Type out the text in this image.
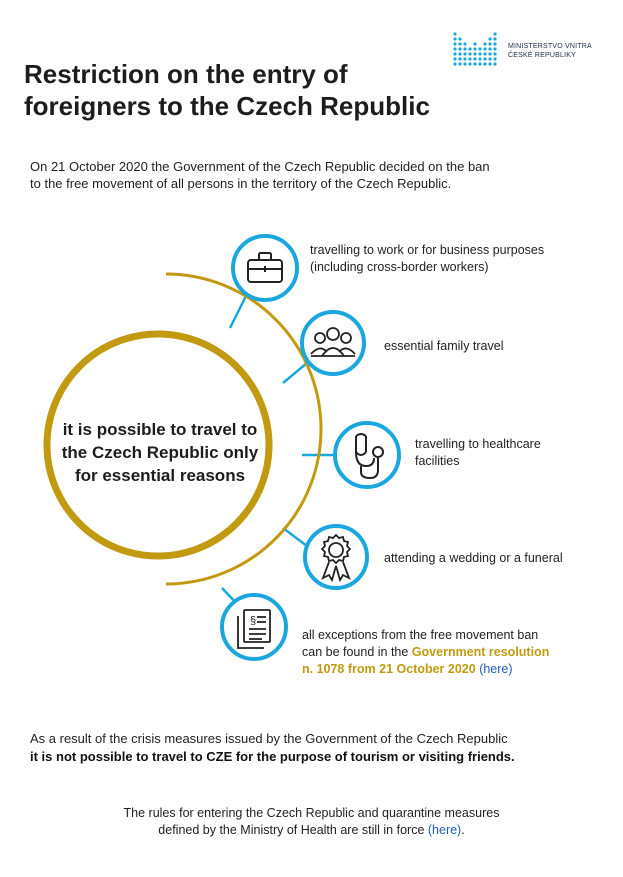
MINISTERSTVO VNITRA
ČESKÉ REPUBLIKY
Restriction on the entry of
foreigners to the Czech Republic
On 21 October 2020 the Government of the Czech Republic decided on the ban
to the free movement of all persons in the territory of the Czech Republic.
§
it is possible to travel to
the Czech Republic only
for essential reasons
travelling to work or for business purposes
(including cross-border workers)
essential family travel
travelling to healthcare
facilities
attending a wedding or a funeral
all exceptions from the free movement ban
can be found in the Government resolution
n. 1078 from 21 October 2020 (here)
As a result of the crisis measures issued by the Government of the Czech Republic
it is not possible to travel to CZE for the purpose of tourism or visiting friends.
The rules for entering the Czech Republic and quarantine measures
defined by the Ministry of Health are still in force (here).
